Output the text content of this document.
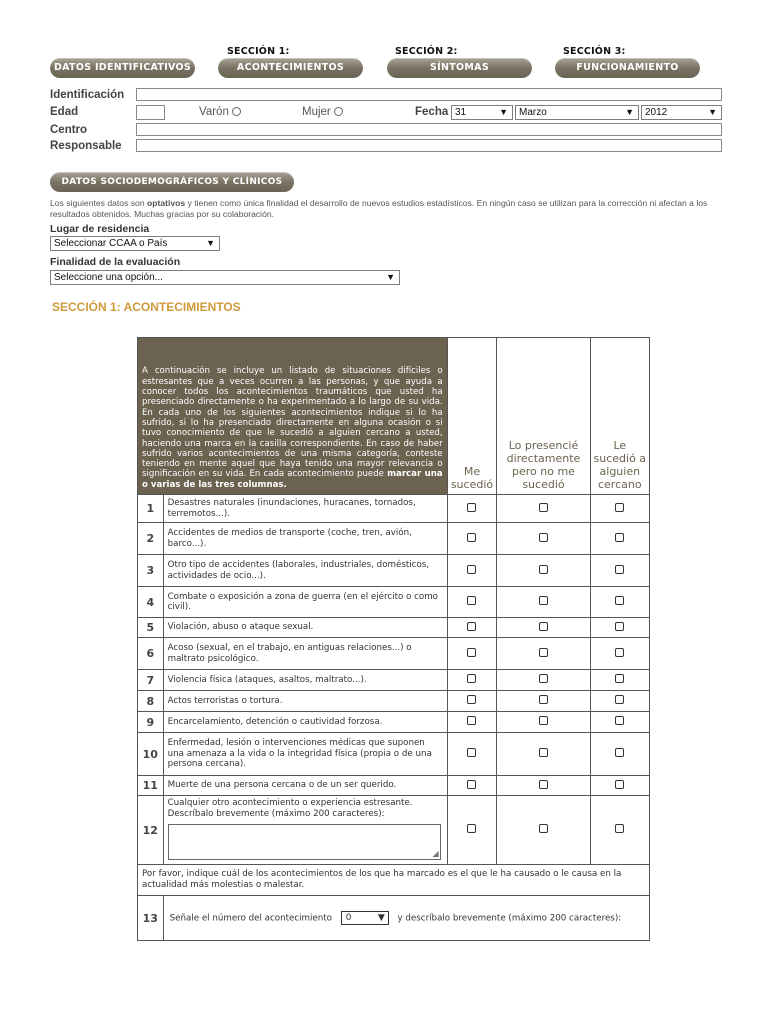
DATOS IDENTIFICATIVOS
SECCIÓN 1:
ACONTECIMIENTOS
SECCIÓN 2:
SÍNTOMAS
SECCIÓN 3:
FUNCIONAMIENTO
Identificación
Edad	Varón	Mujer	Fecha 31	▼	Marzo	▼	2012	▼
Centro
Responsable
DATOS SOCIODEMOGRÁFICOS Y CLÍNICOS
Los siguientes datos son optativos y tienen como única finalidad el desarrollo de nuevos estudios estadísticos. En ningún caso se utilizan para la corrección ni afectan a los resultados obtenidos. Muchas gracias por su colaboración.
Lugar de residencia
Seleccionar CCAA o País	▼
Finalidad de la evaluación
Seleccione una opción...	▼
SECCIÓN 1: ACONTECIMIENTOS
A continuación se incluye un listado de situaciones difíciles o estresantes que a veces ocurren a las personas, y que ayuda a conocer todos los acontecimientos traumáticos que usted ha presenciado directamente o ha experimentado a lo largo de su vida. En cada uno de los siguientes acontecimientos indique si lo ha sufrido, si lo ha presenciado directamente en alguna ocasión o si tuvo conocimiento de que le sucedió a alguien cercano a usted, haciendo una marca en la casilla correspondiente. En caso de haber sufrido varios acontecimientos de una misma categoría, conteste teniendo en mente aquel que haya tenido una mayor relevancia o significación en su vida. En cada acontecimiento puede marcar una o varias de las tres columnas.		Me sucedió	Lo presencié directamente pero no me sucedió	Le sucedió a alguien cercano
1	Desastres naturales (inundaciones, huracanes, tornados, terremotos...).			
2	Accidentes de medios de transporte (coche, tren, avión, barco...).			
3	Otro tipo de accidentes (laborales, industriales, domésticos, actividades de ocio...).			
4	Combate o exposición a zona de guerra (en el ejército o como civil).			
5	Violación, abuso o ataque sexual.			
6	Acoso (sexual, en el trabajo, en antiguas relaciones...) o maltrato psicológico.			
7	Violencia física (ataques, asaltos, maltrato...).			
8	Actos terroristas o tortura.			
9	Encarcelamiento, detención o cautividad forzosa.			
10	Enfermedad, lesión o intervenciones médicas que suponen una amenaza a la vida o la integridad física (propia o de una persona cercana).			
11	Muerte de una persona cercana o de un ser querido.			
12	Cualquier otro acontecimiento o experiencia estresante. Descríbalo brevemente (máximo 200 caracteres):
◢			

Por favor, indique cuál de los acontecimientos de los que ha marcado es el que le ha causado o le causa en la actualidad más molestias o malestar.				
13	Señale el número del acontecimiento 0 ▼ y descríbalo brevemente (máximo 200 caracteres):			
